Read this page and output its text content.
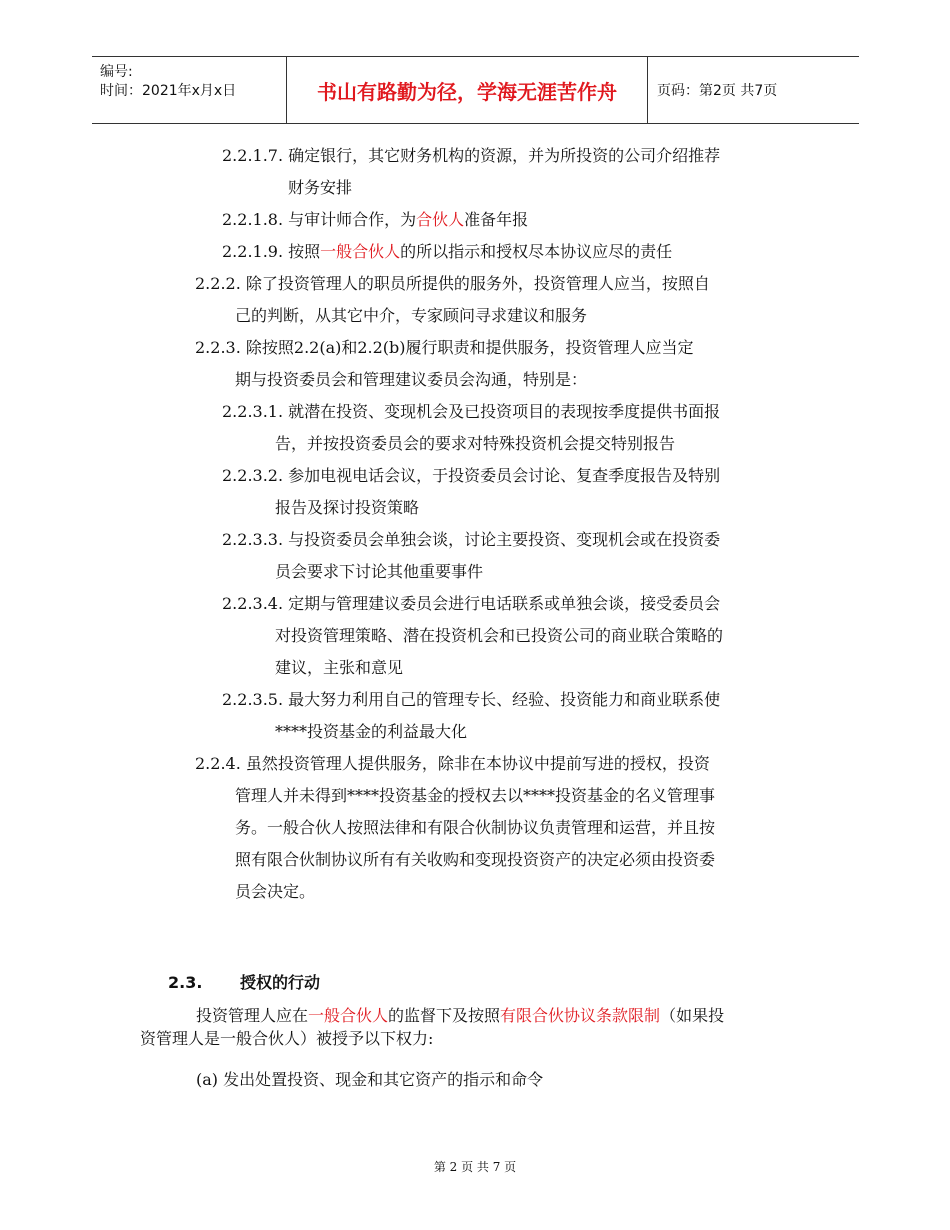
编号:
时间：2021年x月x日	书山有路勤为径，学海无涯苦作舟	页码：第2页 共7页
2.2.1.7. 确定银行，其它财务机构的资源，并为所投资的公司介绍推荐
财务安排
2.2.1.8. 与审计师合作，为合伙人准备年报
2.2.1.9. 按照一般合伙人的所以指示和授权尽本协议应尽的责任
2.2.2. 除了投资管理人的职员所提供的服务外，投资管理人应当，按照自
己的判断，从其它中介，专家顾问寻求建议和服务
2.2.3. 除按照2.2(a)和2.2(b)履行职责和提供服务，投资管理人应当定
期与投资委员会和管理建议委员会沟通，特别是：
2.2.3.1. 就潜在投资、变现机会及已投资项目的表现按季度提供书面报
告，并按投资委员会的要求对特殊投资机会提交特别报告
2.2.3.2. 参加电视电话会议，于投资委员会讨论、复查季度报告及特别
报告及探讨投资策略
2.2.3.3. 与投资委员会单独会谈，讨论主要投资、变现机会或在投资委
员会要求下讨论其他重要事件
2.2.3.4. 定期与管理建议委员会进行电话联系或单独会谈，接受委员会
对投资管理策略、潜在投资机会和已投资公司的商业联合策略的
建议，主张和意见
2.2.3.5. 最大努力利用自己的管理专长、经验、投资能力和商业联系使
****投资基金的利益最大化
2.2.4. 虽然投资管理人提供服务，除非在本协议中提前写进的授权，投资
管理人并未得到****投资基金的授权去以****投资基金的名义管理事
务。一般合伙人按照法律和有限合伙制协议负责管理和运营，并且按
照有限合伙制协议所有有关收购和变现投资资产的决定必须由投资委
员会决定。
2.3. 授权的行动
投资管理人应在一般合伙人的监督下及按照有限合伙协议条款限制（如果投
资管理人是一般合伙人）被授予以下权力:
(a) 发出处置投资、现金和其它资产的指示和命令
第 2 页 共 7 页
